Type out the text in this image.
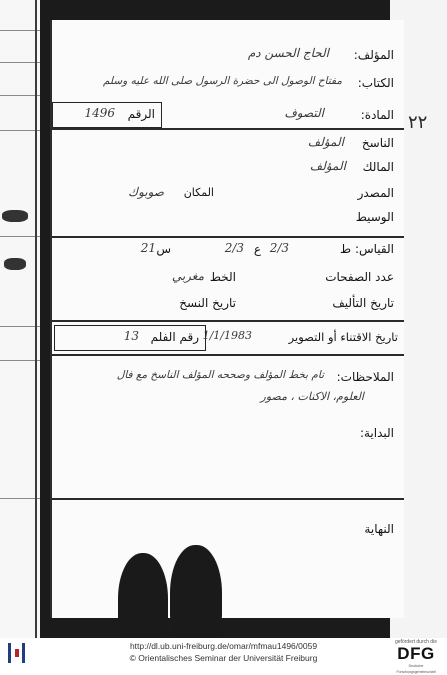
٢٢
المؤلف:
الحاج الحسن دم
الكتاب:
مفتاح الوصول الى حضرة الرسول صلى الله عليه وسلم
المادة:
التصوف
الرقم
1496
الناسخ
المؤلف
المالك
المؤلف
المصدر
المكان
صوبوك
الوسيط
القياس: ط
2/3
ع
2/3
س
21
عدد الصفحات
الخط
مغربي
تاريخ التأليف
تاريخ النسخ
تاريخ الاقتناء أو التصوير
1/1/1983
رقم الفلم
13
الملاحظات:
تام بخط المؤلف وصححه المؤلف الناسخ مع فال
العلوم، الاكنات ، مصور
البداية:
النهاية
http://dl.ub.uni-freiburg.de/omar/mfmau1496/0059
© Orientalisches Seminar der Universität Freiburg
gefördert durch die
DFG
Deutsche Forschungsgemeinschaft
